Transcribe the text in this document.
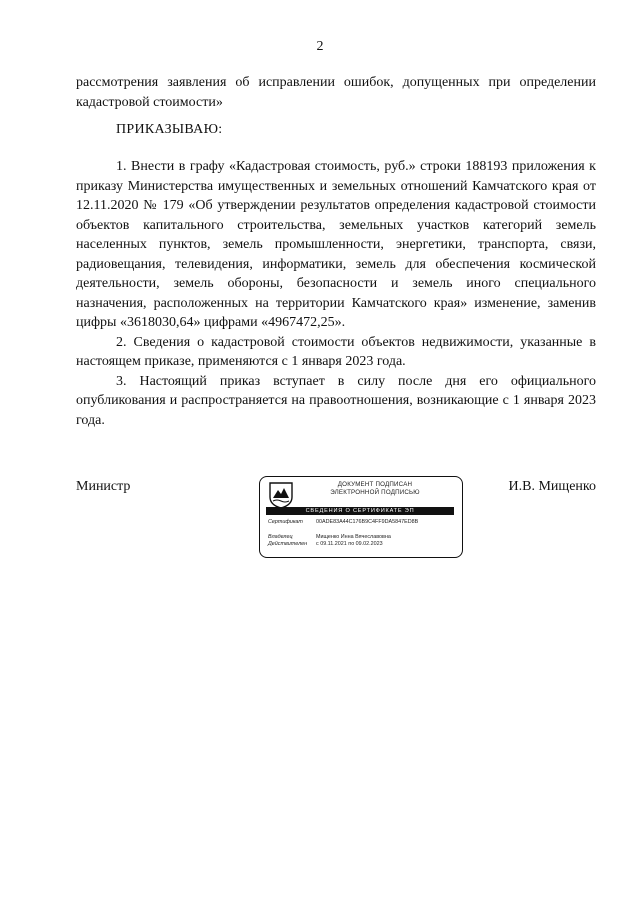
2

рассмотрения заявления об исправлении ошибок, допущенных при определении кадастровой стоимости»

ПРИКАЗЫВАЮ:

1. Внести в графу «Кадастровая стоимость, руб.» строки 188193 приложения к приказу Министерства имущественных и земельных отношений Камчатского края от 12.11.2020 № 179 «Об утверждении результатов определения кадастровой стоимости объектов капитального строительства, земельных участков категорий земель населенных пунктов, земель промышленности, энергетики, транспорта, связи, радиовещания, телевидения, информатики, земель для обеспечения космической деятельности, земель обороны, безопасности и земель иного специального назначения, расположенных на территории Камчатского края» изменение, заменив цифры «3618030,64» цифрами «4967472,25».

2. Сведения о кадастровой стоимости объектов недвижимости, указанные в настоящем приказе, применяются с 1 января 2023 года.

3. Настоящий приказ вступает в силу после дня его официального опубликования и распространяется на правоотношения, возникающие с 1 января 2023 года.

Министр	И.В. Мищенко
ДОКУМЕНТ ПОДПИСАН
ЭЛЕКТРОННОЙ ПОДПИСЬЮ
СВЕДЕНИЯ О СЕРТИФИКАТЕ ЭП
Сертификат	00ADE83A44C176B9C4FF9DA5847ED8B
Владелец	Мищенко Инна Вячеславовна
Действителен	с 09.11.2021 по 09.02.2023
